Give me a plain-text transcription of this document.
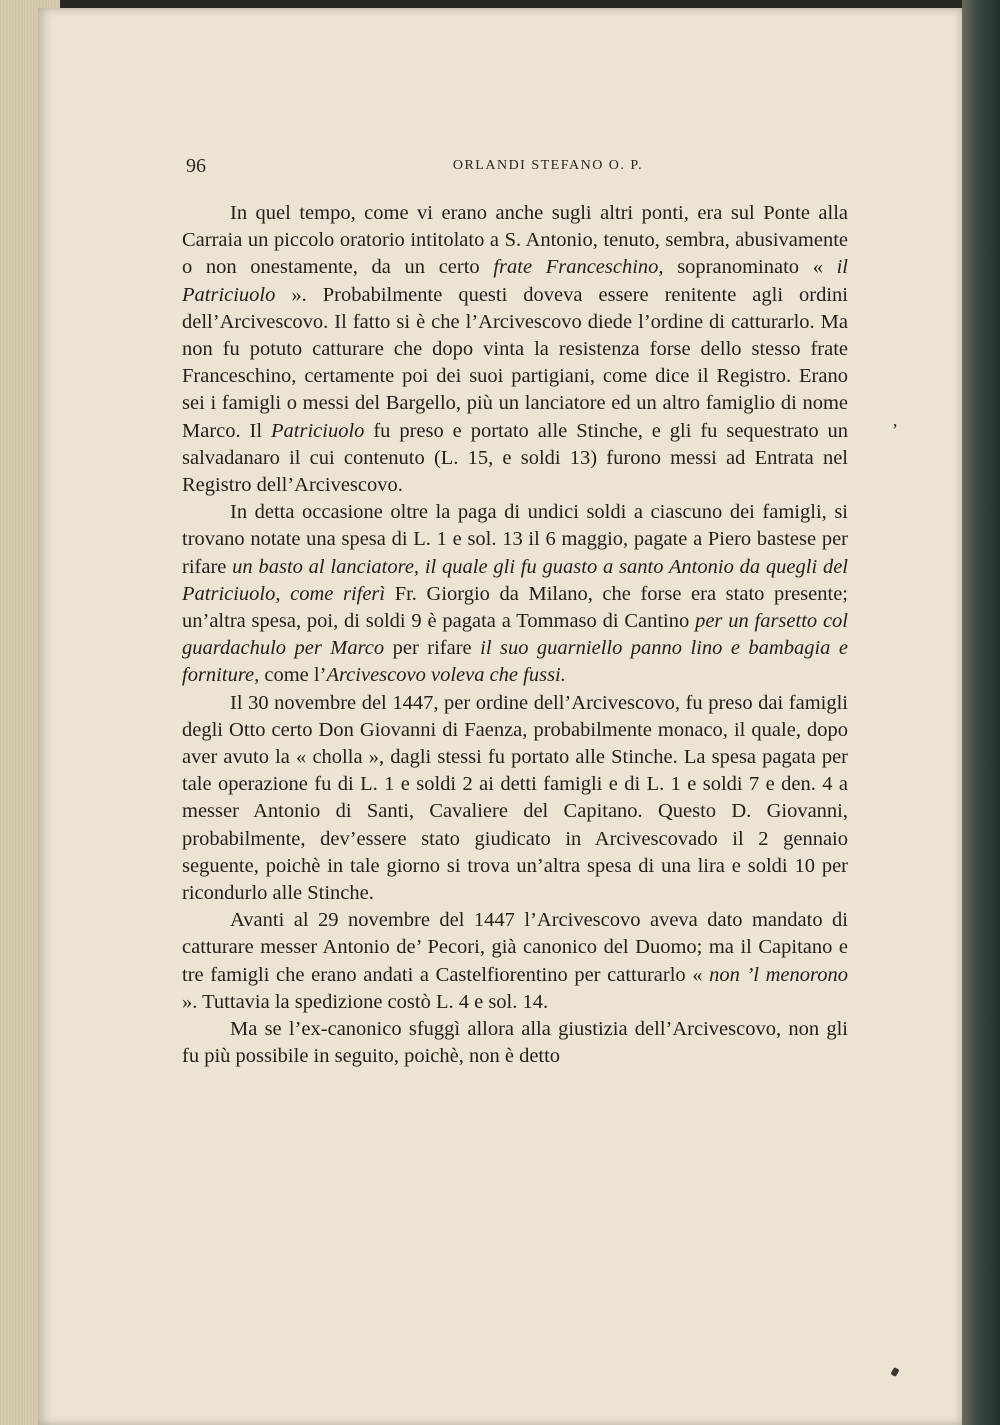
96	ORLANDI STEFANO O. P.

In quel tempo, come vi erano anche sugli altri ponti, era sul Ponte alla Carraia un piccolo oratorio intitolato a S. Antonio, tenuto, sembra, abusivamente o non onestamente, da un certo frate Franceschino, sopranominato « il Patriciuolo ». Probabilmente questi doveva essere renitente agli ordini dell’Arcivescovo. Il fatto si è che l’Arcivescovo diede l’ordine di catturarlo. Ma non fu potuto catturare che dopo vinta la resistenza forse dello stesso frate Franceschino, certamente poi dei suoi partigiani, come dice il Registro. Erano sei i famigli o messi del Bargello, più un lanciatore ed un altro famiglio di nome Marco. Il Patriciuolo fu preso e portato alle Stinche, e gli fu sequestrato un salvadanaro il cui contenuto (L. 15, e soldi 13) furono messi ad Entrata nel Registro dell’Arcivescovo.

In detta occasione oltre la paga di undici soldi a ciascuno dei famigli, si trovano notate una spesa di L. 1 e sol. 13 il 6 maggio, pagate a Piero bastese per rifare un basto al lanciatore, il quale gli fu guasto a santo Antonio da quegli del Patriciuolo, come riferì Fr. Giorgio da Milano, che forse era stato presente; un’altra spesa, poi, di soldi 9 è pagata a Tommaso di Cantino per un farsetto col guardachulo per Marco per rifare il suo guarniello panno lino e bambagia e forniture, come l’Arcivescovo voleva che fussi.

Il 30 novembre del 1447, per ordine dell’Arcivescovo, fu preso dai famigli degli Otto certo Don Giovanni di Faenza, probabilmente monaco, il quale, dopo aver avuto la « cholla », dagli stessi fu portato alle Stinche. La spesa pagata per tale operazione fu di L. 1 e soldi 2 ai detti famigli e di L. 1 e soldi 7 e den. 4 a messer Antonio di Santi, Cavaliere del Capitano. Questo D. Giovanni, probabilmente, dev’essere stato giudicato in Arcivescovado il 2 gennaio seguente, poichè in tale giorno si trova un’altra spesa di una lira e soldi 10 per ricondurlo alle Stinche.

Avanti al 29 novembre del 1447 l’Arcivescovo aveva dato mandato di catturare messer Antonio de’ Pecori, già canonico del Duomo; ma il Capitano e tre famigli che erano andati a Castelfiorentino per catturarlo « non ’l menorono ». Tuttavia la spedizione costò L. 4 e sol. 14.

Ma se l’ex-canonico sfuggì allora alla giustizia dell’Arcivescovo, non gli fu più possibile in seguito, poichè, non è detto

’
